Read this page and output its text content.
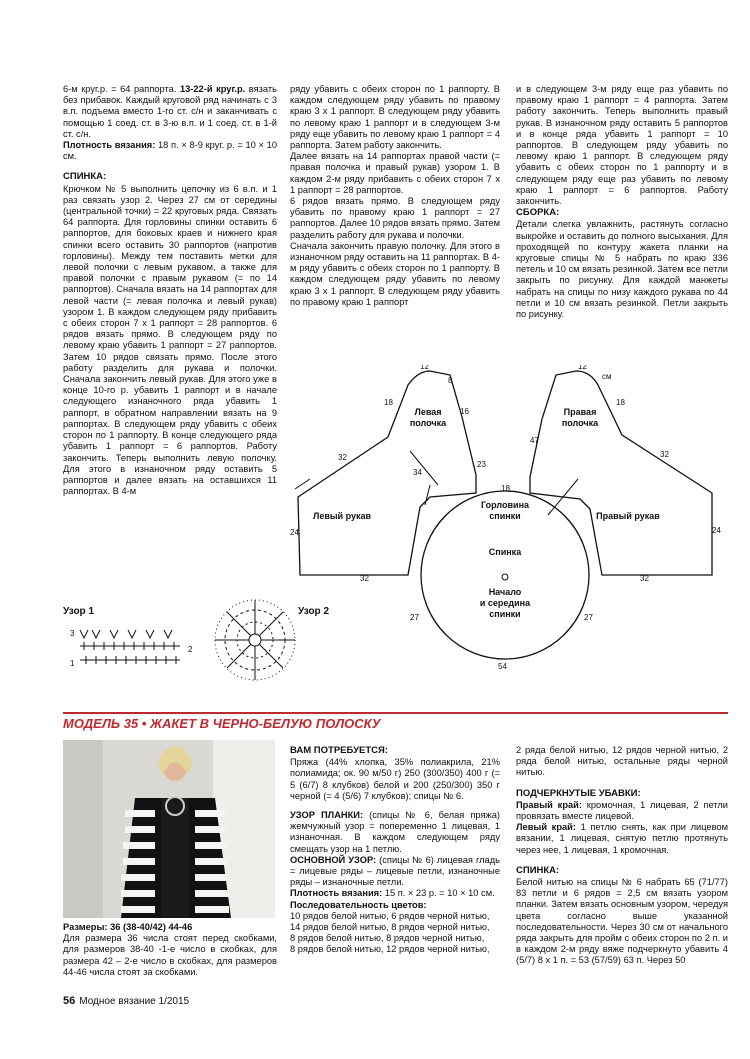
6-м круг.р. = 64 раппорта. 13-22-й круг.р. вязать без прибавок. Каждый круговой ряд начинать с 3 в.п. подъема вместо 1-го ст. с/н и заканчивать с помощью 1 соед. ст. в 3-ю в.п. и 1 соед. ст. в 1-й ст. с/н.

Плотность вязания: 18 п. × 8-9 круг. р. = 10 × 10 см.

СПИНКА:

Крючком № 5 выполнить цепочку из 6 в.п. и 1 раз связать узор 2. Через 27 см от середины (центральной точки) = 22 круговых ряда. Связать 64 раппорта. Для горловины спинки оставить 6 раппортов, для боковых краев и нижнего края спинки всего оставить 30 раппортов (напротив горловины). Между тем поставить метки для левой полочки с левым рукавом, а также для правой полочки с правым рукавом (= по 14 раппортов). Сначала вязать на 14 раппортах для левой части (= левая полочка и левый рукав) узором 1. В каждом следующем ряду прибавить с обеих сторон 7 x 1 раппорт = 28 раппортов. 6 рядов вязать прямо. В следующем ряду по левому краю убавить 1 раппорт = 27 раппортов. Затем 10 рядов связать прямо. После этого работу разделить для рукава и полочки. Сначала закончить левый рукав. Для этого уже в конце 10-го р. убавить 1 раппорт и в начале следующего изнаночного ряда убавить 1 раппорт, в обратном направлении вязать на 9 раппортах. В следующем ряду убавить с обеих сторон по 1 раппорту. В конце следующего ряда убавить 1 раппорт = 6 раппортов. Работу закончить. Теперь выполнить левую полочку. Для этого в изнаночном ряду оставить 5 раппортов и далее вязать на оставшихся 11 раппортах. В 4-м

ряду убавить с обеих сторон по 1 раппорту. В каждом следующем ряду убавить по правому краю 3 x 1 раппорт. В следующем ряду убавить по левому краю 1 раппорт и в следующем 3-м ряду еще убавить по левому краю 1 раппорт = 4 раппорта. Затем работу закончить.

Далее вязать на 14 раппортах правой части (= правая полочка и правый рукав) узором 1. В каждом 2-м ряду прибавить с обеих сторон 7 x 1 раппорт = 28 раппортов.

6 рядов вязать прямо. В следующем ряду убавить по правому краю 1 раппорт = 27 раппортов. Далее 10 рядов вязать прямо. Затем разделить работу для рукава и полочки.

Сначала закончить правую полочку. Для этого в изнаночном ряду оставить на 11 раппортах. В 4-м ряду убавить с обеих сторон по 1 раппорту. В каждом следующем ряду убавить по левому краю 3 x 1 раппорт. В следующем ряду убавить по правому краю 1 раппорт

и в следующем 3-м ряду еще раз убавить по правому краю 1 раппорт = 4 раппорта. Затем работу закончить. Теперь выполнить правый рукав. В изнаночном ряду оставить 5 раппортов и в конце ряда убавить 1 раппорт = 10 раппортов. В следующем ряду убавить по левому краю 1 раппорт. В следующем ряду убавить с обеих сторон по 1 раппорту и в следующем ряду еще раз убавить по левому краю 1 раппорт = 6 раппортов. Работу закончить.

СБОРКА:

Детали слегка увлажнить, растянуть согласно выкройке и оставить до полного высыхания. Для проходящей по контуру жакета планки на круговые спицы № 5 набрать по краю 336 петель и 10 см вязать резинкой. Затем все петли закрыть по рисунку. Для каждой манжеты набрать на спицы по низу каждого рукава по 44 петли и 10 см вязать резинкой. Петли закрыть по рисунку.

Левая
полочка
Правая
полочка
Левый рукав	Правый рукав
Горловина
спинки
Спинка
Начало
и середина
спинки
12
8
18
16
32
34
23
18
24
32
27
54
12
см
18
47
32
24
32
27
Узор 1
3
2
1
Узор 2
МОДЕЛЬ 35 • ЖАКЕТ В ЧЕРНО-БЕЛУЮ ПОЛОСКУ

Размеры: 36 (38-40/42) 44-46

Для размера 36 числа стоят перед скобками, для размеров 38-40 -1-е число в скобках, для размера 42 – 2-е число в скобках, для размеров 44-46 числа стоят за скобками.

ВАМ ПОТРЕБУЕТСЯ:

Пряжа (44% хлопка, 35% полиакрила, 21% полиамида; ок. 90 м/50 г) 250 (300/350) 400 г (= 5 (6/7) 8 клубков) белой и 200 (250/300) 350 г черной (= 4 (5/6) 7 клубков); спицы № 6.

УЗОР ПЛАНКИ: (спицы № 6, белая пряжа) жемчужный узор = попеременно 1 лицевая, 1 изнаночная. В каждом следующем ряду смещать узор на 1 петлю.

ОСНОВНОЙ УЗОР: (спицы № 6) лицевая гладь = лицевые ряды – лицевые петли, изнаночные ряды – изнаночные петли.

Плотность вязания: 15 п. × 23 р. = 10 × 10 см.

Последовательность цветов:

10 рядов белой нитью, 6 рядов черной нитью,

14 рядов белой нитью, 8 рядов черной нитью,

8 рядов белой нитью, 8 рядов черной нитью,

8 рядов белой нитью, 12 рядов черной нитью,

2 ряда белой нитью, 12 рядов черной нитью, 2 ряда белой нитью, остальные ряды черной нитью.

ПОДЧЕРКНУТЫЕ УБАВКИ:

Правый край: кромочная, 1 лицевая, 2 петли провязать вместе лицевой.

Левый край: 1 петлю снять, как при лицевом вязании, 1 лицевая, снятую петлю протянуть через нее, 1 лицевая, 1 кромочная.

СПИНКА:

Белой нитью на спицы № 6 набрать 65 (71/77) 83 петли и 6 рядов = 2,5 см вязать узором планки. Затем вязать основным узором, чередуя цвета согласно выше указанной последовательности. Через 30 см от начального ряда закрыть для пройм с обеих сторон по 2 п. и в каждом 2-м ряду вяже подчеркнуто убавить 4 (5/7) 8 x 1 п. = 53 (57/59) 63 п. Через 50

56 Модное вязание 1/2015
